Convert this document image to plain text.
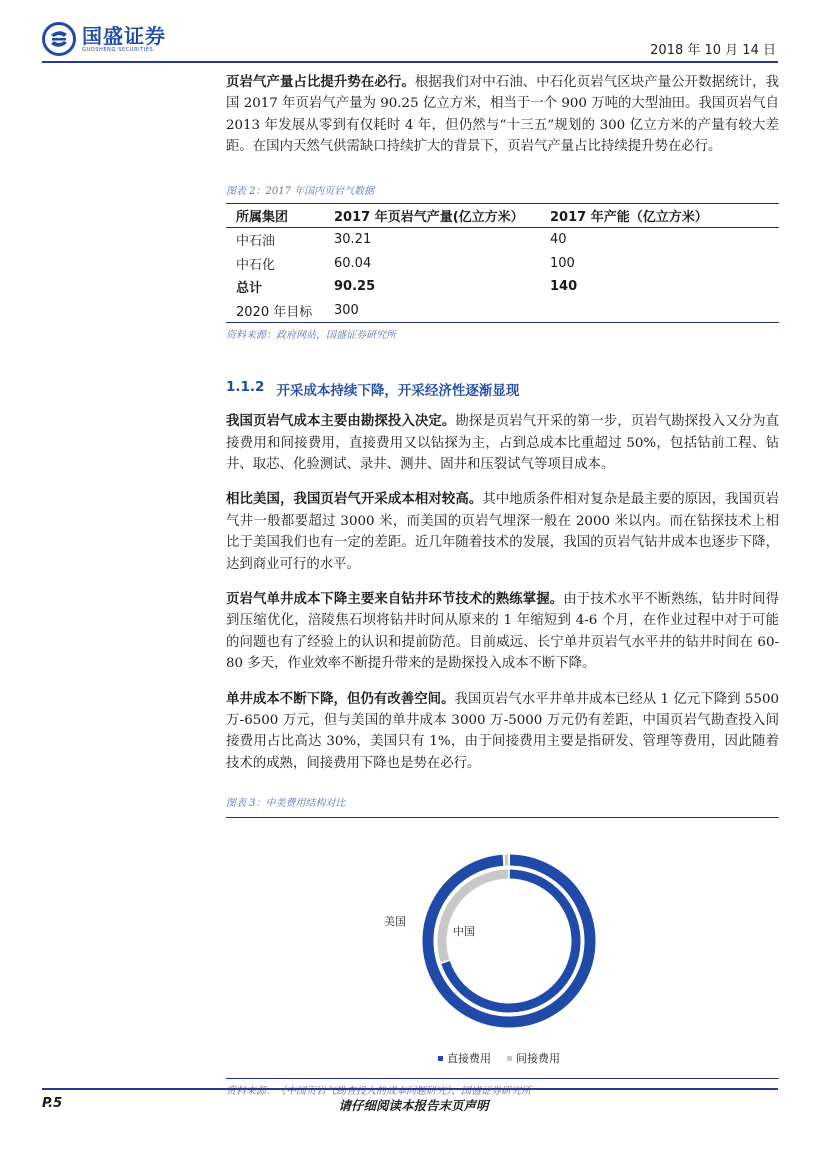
国盛证券
GUOSHENG SECURITIES	2018 年 10 月 14 日

页岩气产量占比提升势在必行。根据我们对中石油、中石化页岩气区块产量公开数据统计，我国 2017 年页岩气产量为 90.25 亿立方米，相当于一个 900 万吨的大型油田。我国页岩气自 2013 年发展从零到有仅耗时 4 年，但仍然与“十三五”规划的 300 亿立方米的产量有较大差距。在国内天然气供需缺口持续扩大的背景下，页岩气产量占比持续提升势在必行。

图表 2：2017 年国内页岩气数据

所属集团	2017 年页岩气产量(亿立方米）	2017 年产能（亿立方米）
中石油	30.21	40
中石化	60.04	100
总计	90.25	140
2020 年目标	300	

资料来源：政府网站，国盛证券研究所

1.1.2 开采成本持续下降，开采经济性逐渐显现

我国页岩气成本主要由勘探投入决定。勘探是页岩气开采的第一步，页岩气勘探投入又分为直接费用和间接费用，直接费用又以钻探为主，占到总成本比重超过 50%，包括钻前工程、钻井、取芯、化验测试、录井、测井、固井和压裂试气等项目成本。

相比美国，我国页岩气开采成本相对较高。其中地质条件相对复杂是最主要的原因，我国页岩气井一般都要超过 3000 米，而美国的页岩气埋深一般在 2000 米以内。而在钻探技术上相比于美国我们也有一定的差距。近几年随着技术的发展，我国的页岩气钻井成本也逐步下降，达到商业可行的水平。

页岩气单井成本下降主要来自钻井环节技术的熟练掌握。由于技术水平不断熟练，钻井时间得到压缩优化，涪陵焦石坝将钻井时间从原来的 1 年缩短到 4-6 个月，在作业过程中对于可能的问题也有了经验上的认识和提前防范。目前威远、长宁单井页岩气水平井的钻井时间在 60-80 多天，作业效率不断提升带来的是勘探投入成本不断下降。

单井成本不断下降，但仍有改善空间。我国页岩气水平井单井成本已经从 1 亿元下降到 5500 万-6500 万元，但与美国的单井成本 3000 万-5000 万元仍有差距，中国页岩气勘查投入间接费用占比高达 30%，美国只有 1%，由于间接费用主要是指研发、管理等费用，因此随着技术的成熟，间接费用下降也是势在必行。

图表 3：中美费用结构对比

美国
中国
直接费用 间接费用

资料来源：《中国页岩气勘查投入的成本问题研究》、国盛证券研究所

P.5	请仔细阅读本报告末页声明
